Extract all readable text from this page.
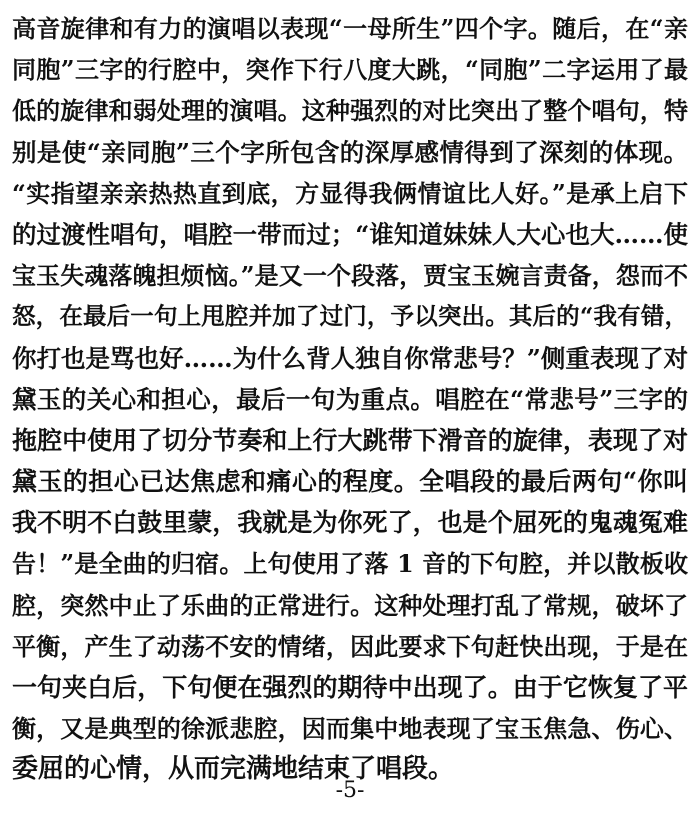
高音旋律和有力的演唱以表现“一母所生”四个字。随后，在“亲
同胞”三字的行腔中，突作下行八度大跳，“同胞”二字运用了最
低的旋律和弱处理的演唱。这种强烈的对比突出了整个唱句，特
别是使“亲同胞”三个字所包含的深厚感情得到了深刻的体现。
“实指望亲亲热热直到底，方显得我俩情谊比人好。”是承上启下
的过渡性唱句，唱腔一带而过；“谁知道妹妹人大心也大……使
宝玉失魂落魄担烦恼。”是又一个段落，贾宝玉婉言责备，怨而不
怒，在最后一句上甩腔并加了过门，予以突出。其后的“我有错，
你打也是骂也好……为什么背人独自你常悲号？”侧重表现了对
黛玉的关心和担心，最后一句为重点。唱腔在“常悲号”三字的
拖腔中使用了切分节奏和上行大跳带下滑音的旋律，表现了对
黛玉的担心已达焦虑和痛心的程度。全唱段的最后两句“你叫
我不明不白鼓里蒙，我就是为你死了，也是个屈死的鬼魂冤难
告！”是全曲的归宿。上句使用了落 1 音的下句腔，并以散板收
腔，突然中止了乐曲的正常进行。这种处理打乱了常规，破坏了
平衡，产生了动荡不安的情绪，因此要求下句赶快出现，于是在
一句夹白后，下句便在强烈的期待中出现了。由于它恢复了平
衡，又是典型的徐派悲腔，因而集中地表现了宝玉焦急、伤心、
委屈的心情，从而完满地结束了唱段。
-5-
